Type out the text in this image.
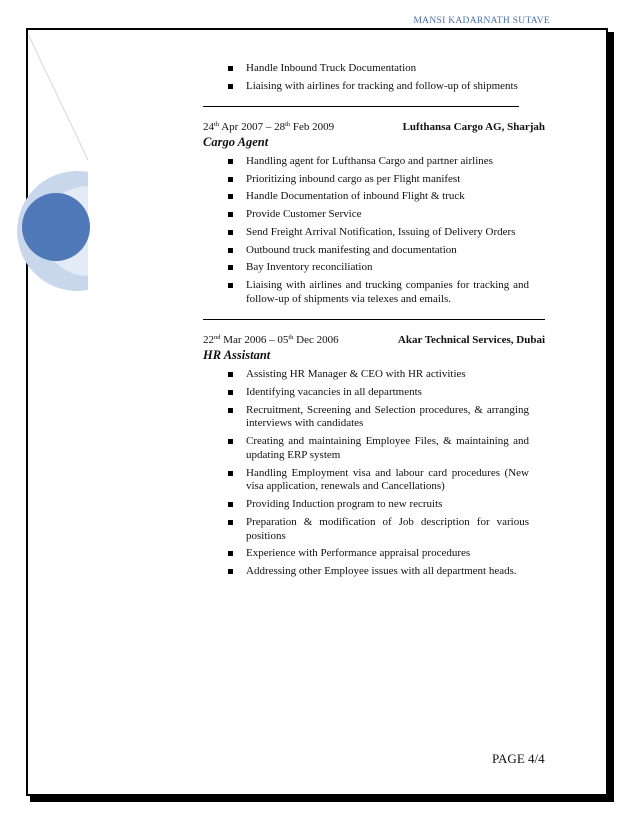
MANSI KADARNATH SUTAVE
Handle Inbound Truck Documentation
Liaising with airlines for tracking and follow-up of shipments
24th Apr 2007 – 28th Feb 2009	Lufthansa Cargo AG, Sharjah
Cargo Agent
Handling agent for Lufthansa Cargo and partner airlines
Prioritizing inbound cargo as per Flight manifest
Handle Documentation of inbound Flight & truck
Provide Customer Service
Send Freight Arrival Notification, Issuing of Delivery Orders
Outbound truck manifesting and documentation
Bay Inventory reconciliation
Liaising with airlines and trucking companies for tracking and follow-up of shipments via telexes and emails.
22nd Mar 2006 – 05th Dec 2006	Akar Technical Services, Dubai
HR Assistant
Assisting HR Manager & CEO with HR activities
Identifying vacancies in all departments
Recruitment, Screening and Selection procedures, & arranging interviews with candidates
Creating and maintaining Employee Files, & maintaining and updating ERP system
Handling Employment visa and labour card procedures (New visa application, renewals and Cancellations)
Providing Induction program to new recruits
Preparation & modification of Job description for various positions
Experience with Performance appraisal procedures
Addressing other Employee issues with all department heads.
PAGE 4/4
